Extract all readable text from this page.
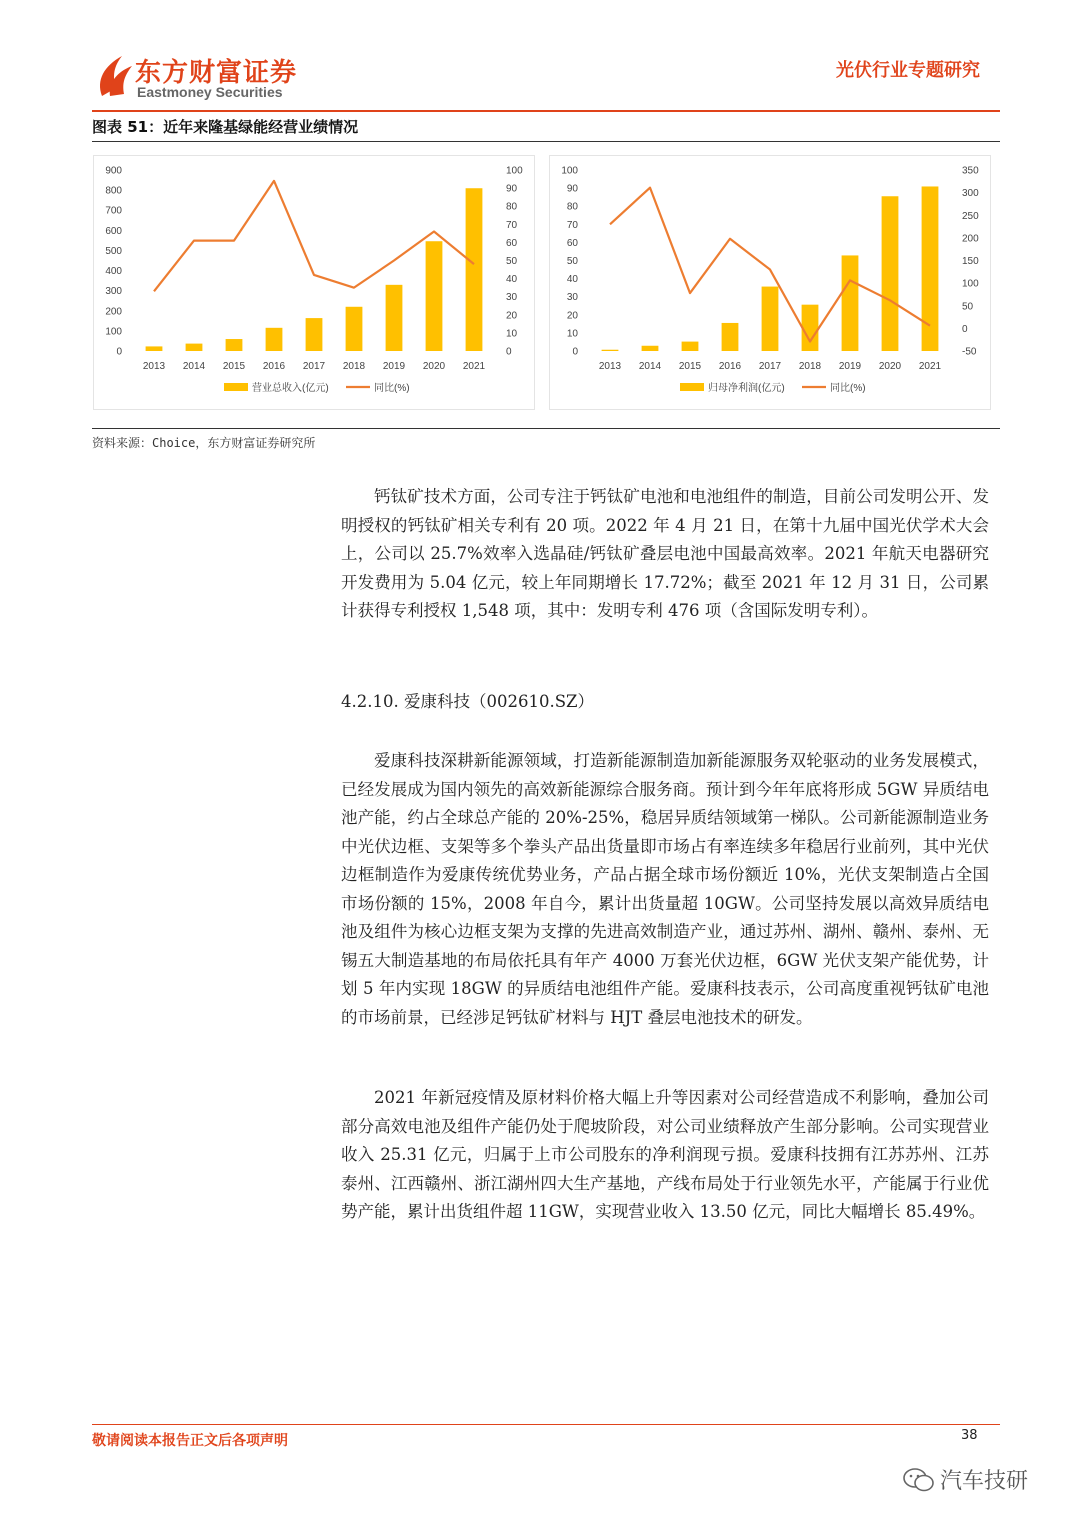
东方财富证券
Eastmoney Securities
光伏行业专题研究
图表 51：近年来隆基绿能经营业绩情况
0
100
200
300
400
500
600
700
800
900
0
10
20
30
40
50
60
70
80
90
100
2013 2014 2015 2016 2017 2018 2019 2020 2021
营业总收入(亿元)	同比(%)
0
10
20
30
40
50
60
70
80
90
100
-50
0
50
100
150
200
250
300
350
2013 2014 2015 2016 2017 2018 2019 2020 2021
归母净利润(亿元)	同比(%)
资料来源：Choice，东方财富证券研究所

钙钛矿技术方面，公司专注于钙钛矿电池和电池组件的制造，目前公司发明公开、发明授权的钙钛矿相关专利有 20 项。2022 年 4 月 21 日，在第十九届中国光伏学术大会上，公司以 25.7%效率入选晶硅/钙钛矿叠层电池中国最高效率。2021 年航天电器研究开发费用为 5.04 亿元，较上年同期增长 17.72%；截至 2021 年 12 月 31 日，公司累计获得专利授权 1,548 项，其中：发明专利 476 项（含国际发明专利）。

4.2.10. 爱康科技（002610.SZ）

爱康科技深耕新能源领域，打造新能源制造加新能源服务双轮驱动的业务发展模式，已经发展成为国内领先的高效新能源综合服务商。预计到今年年底将形成 5GW 异质结电池产能，约占全球总产能的 20%-25%，稳居异质结领域第一梯队。公司新能源制造业务中光伏边框、支架等多个拳头产品出货量即市场占有率连续多年稳居行业前列，其中光伏边框制造作为爱康传统优势业务，产品占据全球市场份额近 10%，光伏支架制造占全国市场份额的 15%，2008 年自今，累计出货量超 10GW。公司坚持发展以高效异质结电池及组件为核心边框支架为支撑的先进高效制造产业，通过苏州、湖州、赣州、泰州、无锡五大制造基地的布局依托具有年产 4000 万套光伏边框，6GW 光伏支架产能优势，计划 5 年内实现 18GW 的异质结电池组件产能。爱康科技表示，公司高度重视钙钛矿电池的市场前景，已经涉足钙钛矿材料与 HJT 叠层电池技术的研发。

2021 年新冠疫情及原材料价格大幅上升等因素对公司经营造成不利影响，叠加公司部分高效电池及组件产能仍处于爬坡阶段，对公司业绩释放产生部分影响。公司实现营业收入 25.31 亿元，归属于上市公司股东的净利润现亏损。爱康科技拥有江苏苏州、江苏泰州、江西赣州、浙江湖州四大生产基地，产线布局处于行业领先水平，产能属于行业优势产能，累计出货组件超 11GW，实现营业收入 13.50 亿元，同比大幅增长 85.49%。

敬请阅读本报告正文后各项声明	38
汽车技研
